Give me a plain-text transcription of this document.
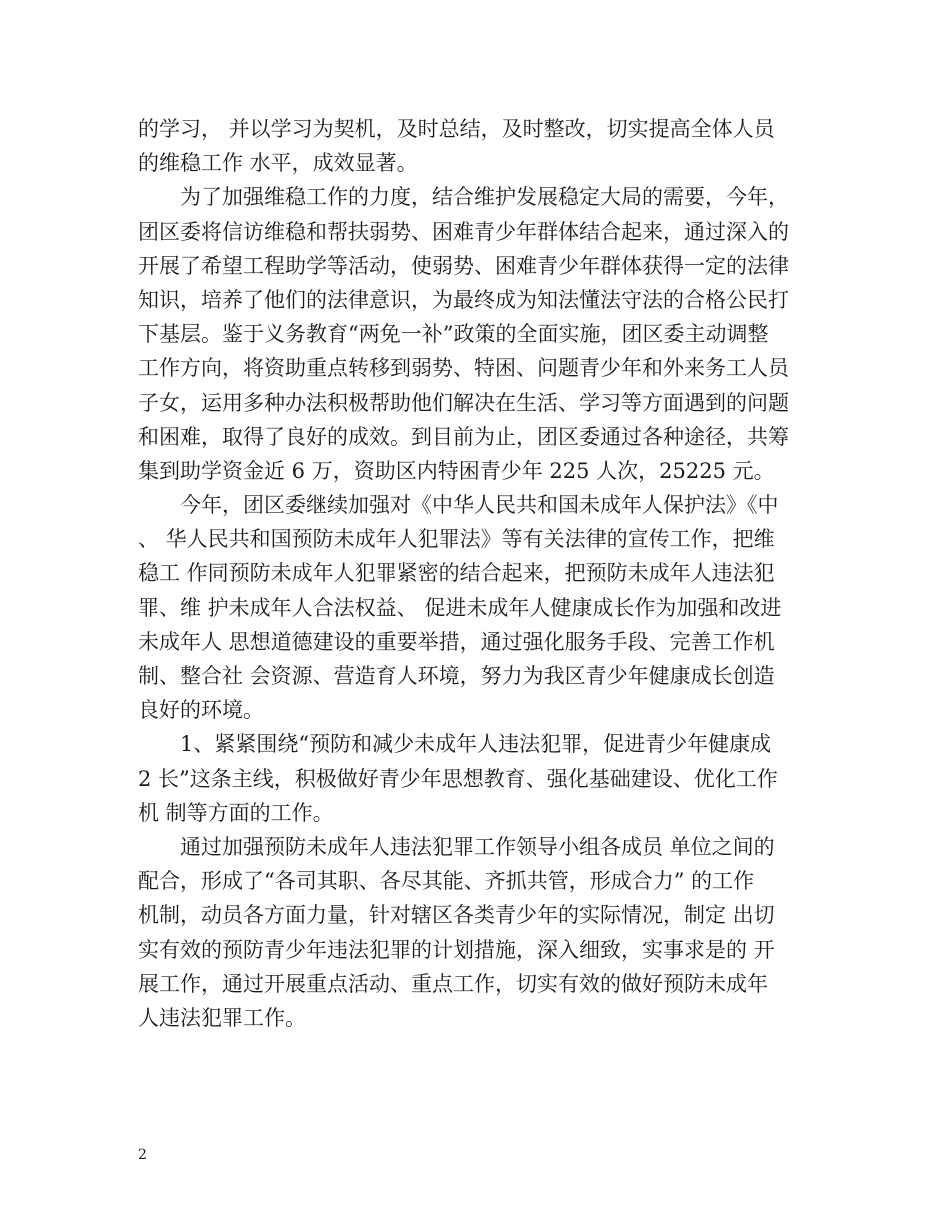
的学习， 并以学习为契机，及时总结，及时整改，切实提高全体人员
的维稳工作 水平，成效显著。
为了加强维稳工作的力度，结合维护发展稳定大局的需要，今年，
团区委将信访维稳和帮扶弱势、困难青少年群体结合起来，通过深入的
开展了希望工程助学等活动，使弱势、困难青少年群体获得一定的法律
知识，培养了他们的法律意识，为最终成为知法懂法守法的合格公民打
下基层。鉴于义务教育“两免一补”政策的全面实施，团区委主动调整
工作方向，将资助重点转移到弱势、特困、问题青少年和外来务工人员
子女，运用多种办法积极帮助他们解决在生活、学习等方面遇到的问题
和困难，取得了良好的成效。到目前为止，团区委通过各种途径，共筹
集到助学资金近 6 万，资助区内特困青少年 225 人次，25225 元。
今年，团区委继续加强对《中华人民共和国未成年人保护法》《中
、 华人民共和国预防未成年人犯罪法》等有关法律的宣传工作，把维
稳工 作同预防未成年人犯罪紧密的结合起来，把预防未成年人违法犯
罪、维 护未成年人合法权益、 促进未成年人健康成长作为加强和改进
未成年人 思想道德建设的重要举措，通过强化服务手段、完善工作机
制、整合社 会资源、营造育人环境，努力为我区青少年健康成长创造
良好的环境。
1、紧紧围绕“预防和减少未成年人违法犯罪，促进青少年健康成
2 长”这条主线，积极做好青少年思想教育、强化基础建设、优化工作
机 制等方面的工作。
通过加强预防未成年人违法犯罪工作领导小组各成员 单位之间的
配合，形成了“各司其职、各尽其能、齐抓共管，形成合力” 的工作
机制，动员各方面力量，针对辖区各类青少年的实际情况，制定 出切
实有效的预防青少年违法犯罪的计划措施，深入细致，实事求是的 开
展工作，通过开展重点活动、重点工作，切实有效的做好预防未成年
人违法犯罪工作。
2
